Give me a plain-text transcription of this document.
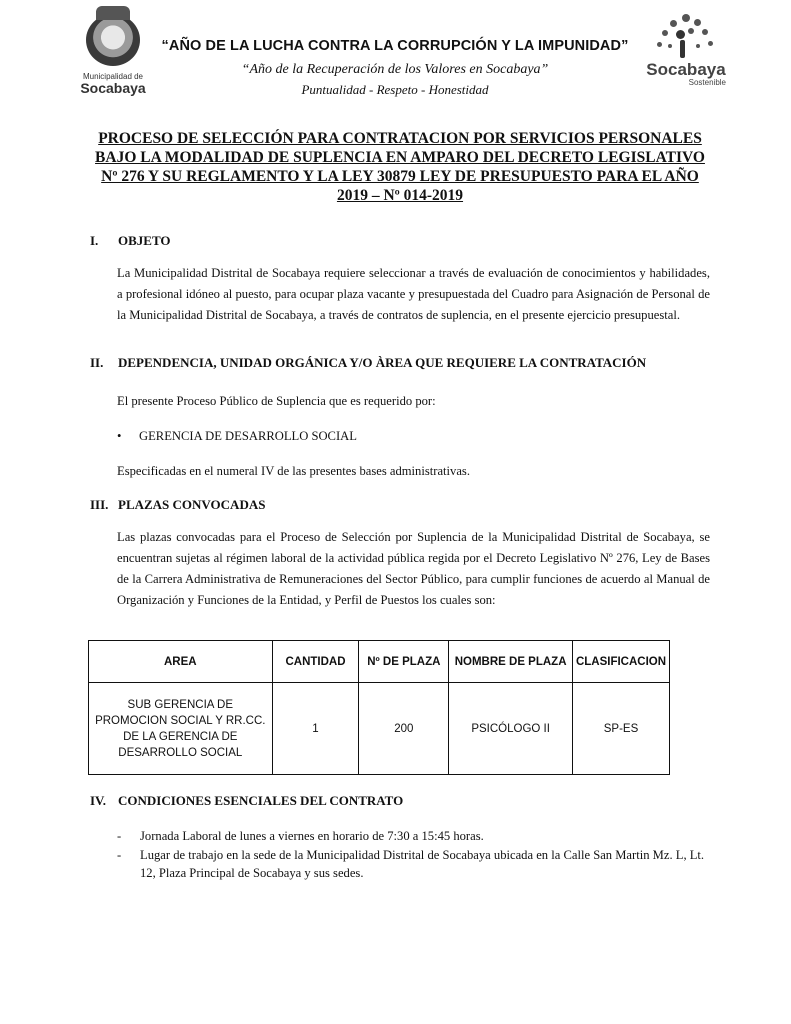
Municipalidad de
Socabaya
“AÑO DE LA LUCHA CONTRA LA CORRUPCIÓN Y LA IMPUNIDAD”
“Año de la Recuperación de los Valores en Socabaya”
Puntualidad - Respeto - Honestidad
Socabaya
Sostenible
PROCESO DE SELECCIÓN PARA CONTRATACION POR SERVICIOS PERSONALES BAJO LA MODALIDAD DE SUPLENCIA EN AMPARO DEL DECRETO LEGISLATIVO Nº 276 Y SU REGLAMENTO Y LA LEY 30879 LEY DE PRESUPUESTO PARA EL AÑO 2019 – Nº 014-2019
I. OBJETO
La Municipalidad Distrital de Socabaya requiere seleccionar a través de evaluación de conocimientos y habilidades, a profesional idóneo al puesto, para ocupar plaza vacante y presupuestada del Cuadro para Asignación de Personal de la Municipalidad Distrital de Socabaya, a través de contratos de suplencia, en el presente ejercicio presupuestal.
II. DEPENDENCIA, UNIDAD ORGÁNICA Y/O ÀREA QUE REQUIERE LA CONTRATACIÓN
El presente Proceso Público de Suplencia que es requerido por:
• GERENCIA DE DESARROLLO SOCIAL
Especificadas en el numeral IV de las presentes bases administrativas.
III. PLAZAS CONVOCADAS
Las plazas convocadas para el Proceso de Selección por Suplencia de la Municipalidad Distrital de Socabaya, se encuentran sujetas al régimen laboral de la actividad pública regida por el Decreto Legislativo Nº 276, Ley de Bases de la Carrera Administrativa de Remuneraciones del Sector Público, para cumplir funciones de acuerdo al Manual de Organización y Funciones de la Entidad, y Perfil de Puestos los cuales son:
AREA	CANTIDAD	Nº DE PLAZA	NOMBRE DE PLAZA	CLASIFICACION

SUB GERENCIA DE
PROMOCION SOCIAL Y RR.CC.
DE LA GERENCIA DE
DESARROLLO SOCIAL	1	200	PSICÓLOGO II	SP-ES
IV. CONDICIONES ESENCIALES DEL CONTRATO
- Jornada Laboral de lunes a viernes en horario de 7:30 a 15:45 horas.
- Lugar de trabajo en la sede de la Municipalidad Distrital de Socabaya ubicada en la Calle San Martin Mz. L, Lt. 12, Plaza Principal de Socabaya y sus sedes.
